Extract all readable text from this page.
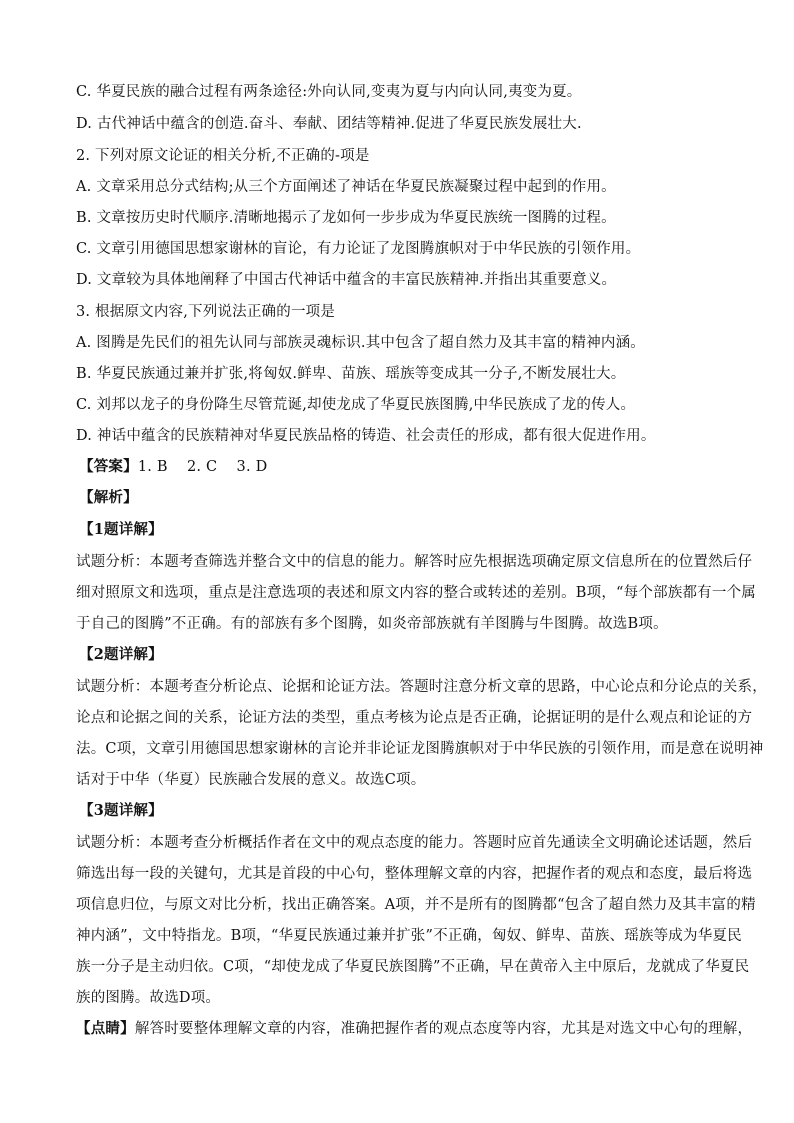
C. 华夏民族的融合过程有两条途径:外向认同,变夷为夏与内向认同,夷变为夏。
D. 古代神话中蕴含的创造.奋斗、奉献、团结等精神.促进了华夏民族发展壮大.
2. 下列对原文论证的相关分析,不正确的-项是
A. 文章采用总分式结构;从三个方面阐述了神话在华夏民族凝聚过程中起到的作用。
B. 文章按历史时代顺序.清晰地揭示了龙如何一步步成为华夏民族统一图腾的过程。
C. 文章引用德国思想家谢林的盲论，有力论证了龙图腾旗帜对于中华民族的引领作用。
D. 文章较为具体地阐释了中国古代神话中蕴含的丰富民族精神.并指出其重要意义。
3. 根据原文内容,下列说法正确的一项是
A. 图腾是先民们的祖先认同与部族灵魂标识.其中包含了超自然力及其丰富的精神内涵。
B. 华夏民族通过兼并扩张,将匈奴.鲜卑、苗族、瑶族等变成其一分子,不断发展壮大。
C. 刘邦以龙子的身份降生尽管荒诞,却使龙成了华夏民族图腾,中华民族成了龙的传人。
D. 神话中蕴含的民族精神对华夏民族品格的铸造、社会责任的形成，都有很大促进作用。
【答案】1. B    2. C    3. D
【解析】
【1题详解】
试题分析：本题考查筛选并整合文中的信息的能力。解答时应先根据选项确定原文信息所在的位置然后仔
细对照原文和选项，重点是注意选项的表述和原文内容的整合或转述的差别。B项，“每个部族都有一个属
于自己的图腾”不正确。有的部族有多个图腾，如炎帝部族就有羊图腾与牛图腾。故选B项。
【2题详解】
试题分析：本题考查分析论点、论据和论证方法。答题时注意分析文章的思路，中心论点和分论点的关系，
论点和论据之间的关系，论证方法的类型，重点考核为论点是否正确，论据证明的是什么观点和论证的方
法。C项，文章引用德国思想家谢林的言论并非论证龙图腾旗帜对于中华民族的引领作用，而是意在说明神
话对于中华（华夏）民族融合发展的意义。故选C项。
【3题详解】
试题分析：本题考查分析概括作者在文中的观点态度的能力。答题时应首先通读全文明确论述话题，然后
筛选出每一段的关键句，尤其是首段的中心句，整体理解文章的内容，把握作者的观点和态度，最后将选
项信息归位，与原文对比分析，找出正确答案。A项，并不是所有的图腾都“包含了超自然力及其丰富的精
神内涵”，文中特指龙。B项，“华夏民族通过兼并扩张”不正确，匈奴、鲜卑、苗族、瑶族等成为华夏民
族一分子是主动归依。C项，“却使龙成了华夏民族图腾”不正确，早在黄帝入主中原后，龙就成了华夏民
族的图腾。故选D项。
【点睛】解答时要整体理解文章的内容，准确把握作者的观点态度等内容，尤其是对选文中心句的理解，
